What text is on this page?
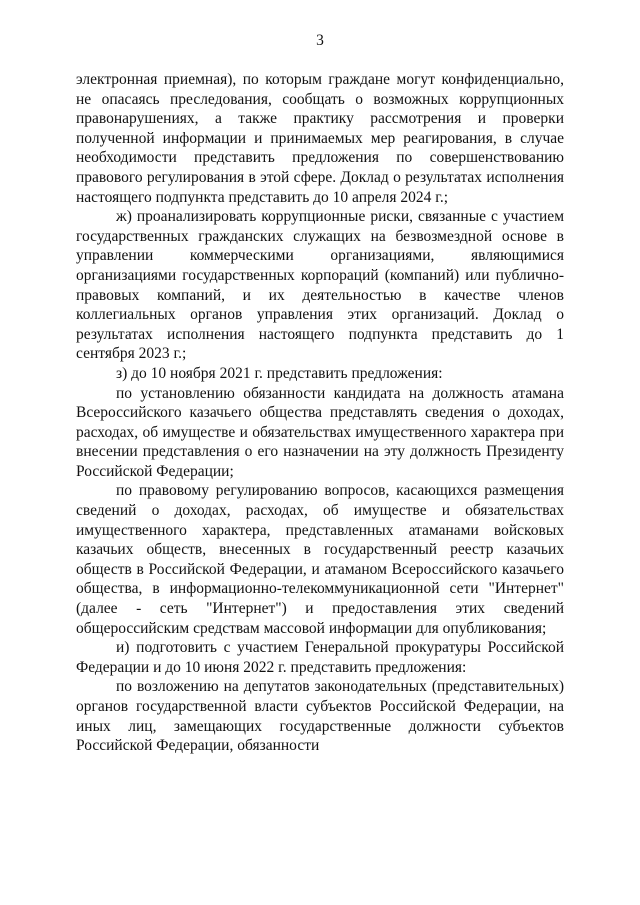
3

электронная приемная), по которым граждане могут конфиденциально, не опасаясь преследования, сообщать о возможных коррупционных правонарушениях, а также практику рассмотрения и проверки полученной информации и принимаемых мер реагирования, в случае необходимости представить предложения по совершенствованию правового регулирования в этой сфере. Доклад о результатах исполнения настоящего подпункта представить до 10 апреля 2024 г.;

ж) проанализировать коррупционные риски, связанные с участием государственных гражданских служащих на безвозмездной основе в управлении коммерческими организациями, являющимися организациями государственных корпораций (компаний) или публично-правовых компаний, и их деятельностью в качестве членов коллегиальных органов управления этих организаций. Доклад о результатах исполнения настоящего подпункта представить до 1 сентября 2023 г.;

з) до 10 ноября 2021 г. представить предложения:

по установлению обязанности кандидата на должность атамана Всероссийского казачьего общества представлять сведения о доходах, расходах, об имуществе и обязательствах имущественного характера при внесении представления о его назначении на эту должность Президенту Российской Федерации;

по правовому регулированию вопросов, касающихся размещения сведений о доходах, расходах, об имуществе и обязательствах имущественного характера, представленных атаманами войсковых казачьих обществ, внесенных в государственный реестр казачьих обществ в Российской Федерации, и атаманом Всероссийского казачьего общества, в информационно-телекоммуникационной сети "Интернет" (далее - сеть "Интернет") и предоставления этих сведений общероссийским средствам массовой информации для опубликования;

и) подготовить с участием Генеральной прокуратуры Российской Федерации и до 10 июня 2022 г. представить предложения:

по возложению на депутатов законодательных (представительных) органов государственной власти субъектов Российской Федерации, на иных лиц, замещающих государственные должности субъектов Российской Федерации, обязанности
